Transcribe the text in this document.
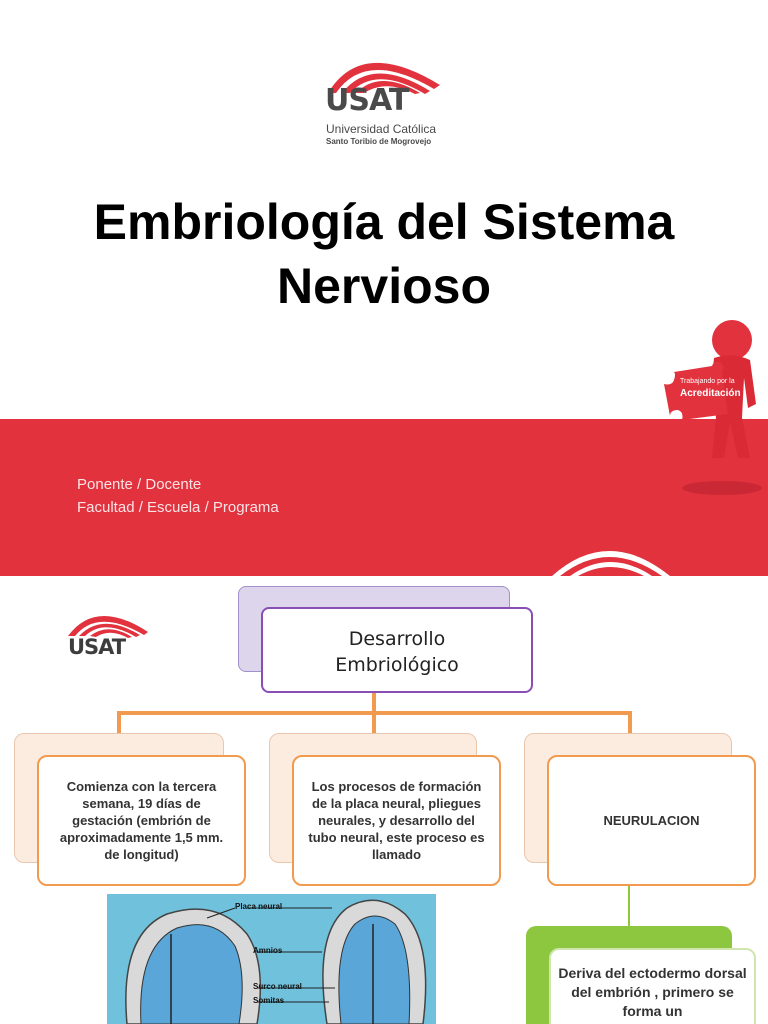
USAT
Universidad Católica
Santo Toribio de Mogrovejo
Embriología del Sistema
Nervioso
Ponente / Docente
Facultad / Escuela / Programa
Trabajando por la
Acreditación
USAT	Desarrollo
Embriológico
Comienza con la tercera semana, 19 días de gestación (embrión de aproximadamente 1,5 mm. de longitud)
Los procesos de formación de la placa neural, pliegues neurales, y desarrollo del tubo neural, este proceso es llamado
NEURULACION
Deriva del ectodermo dorsal del embrión , primero se forma un
Placa neural
Amnios
Surco neural
Somitas
